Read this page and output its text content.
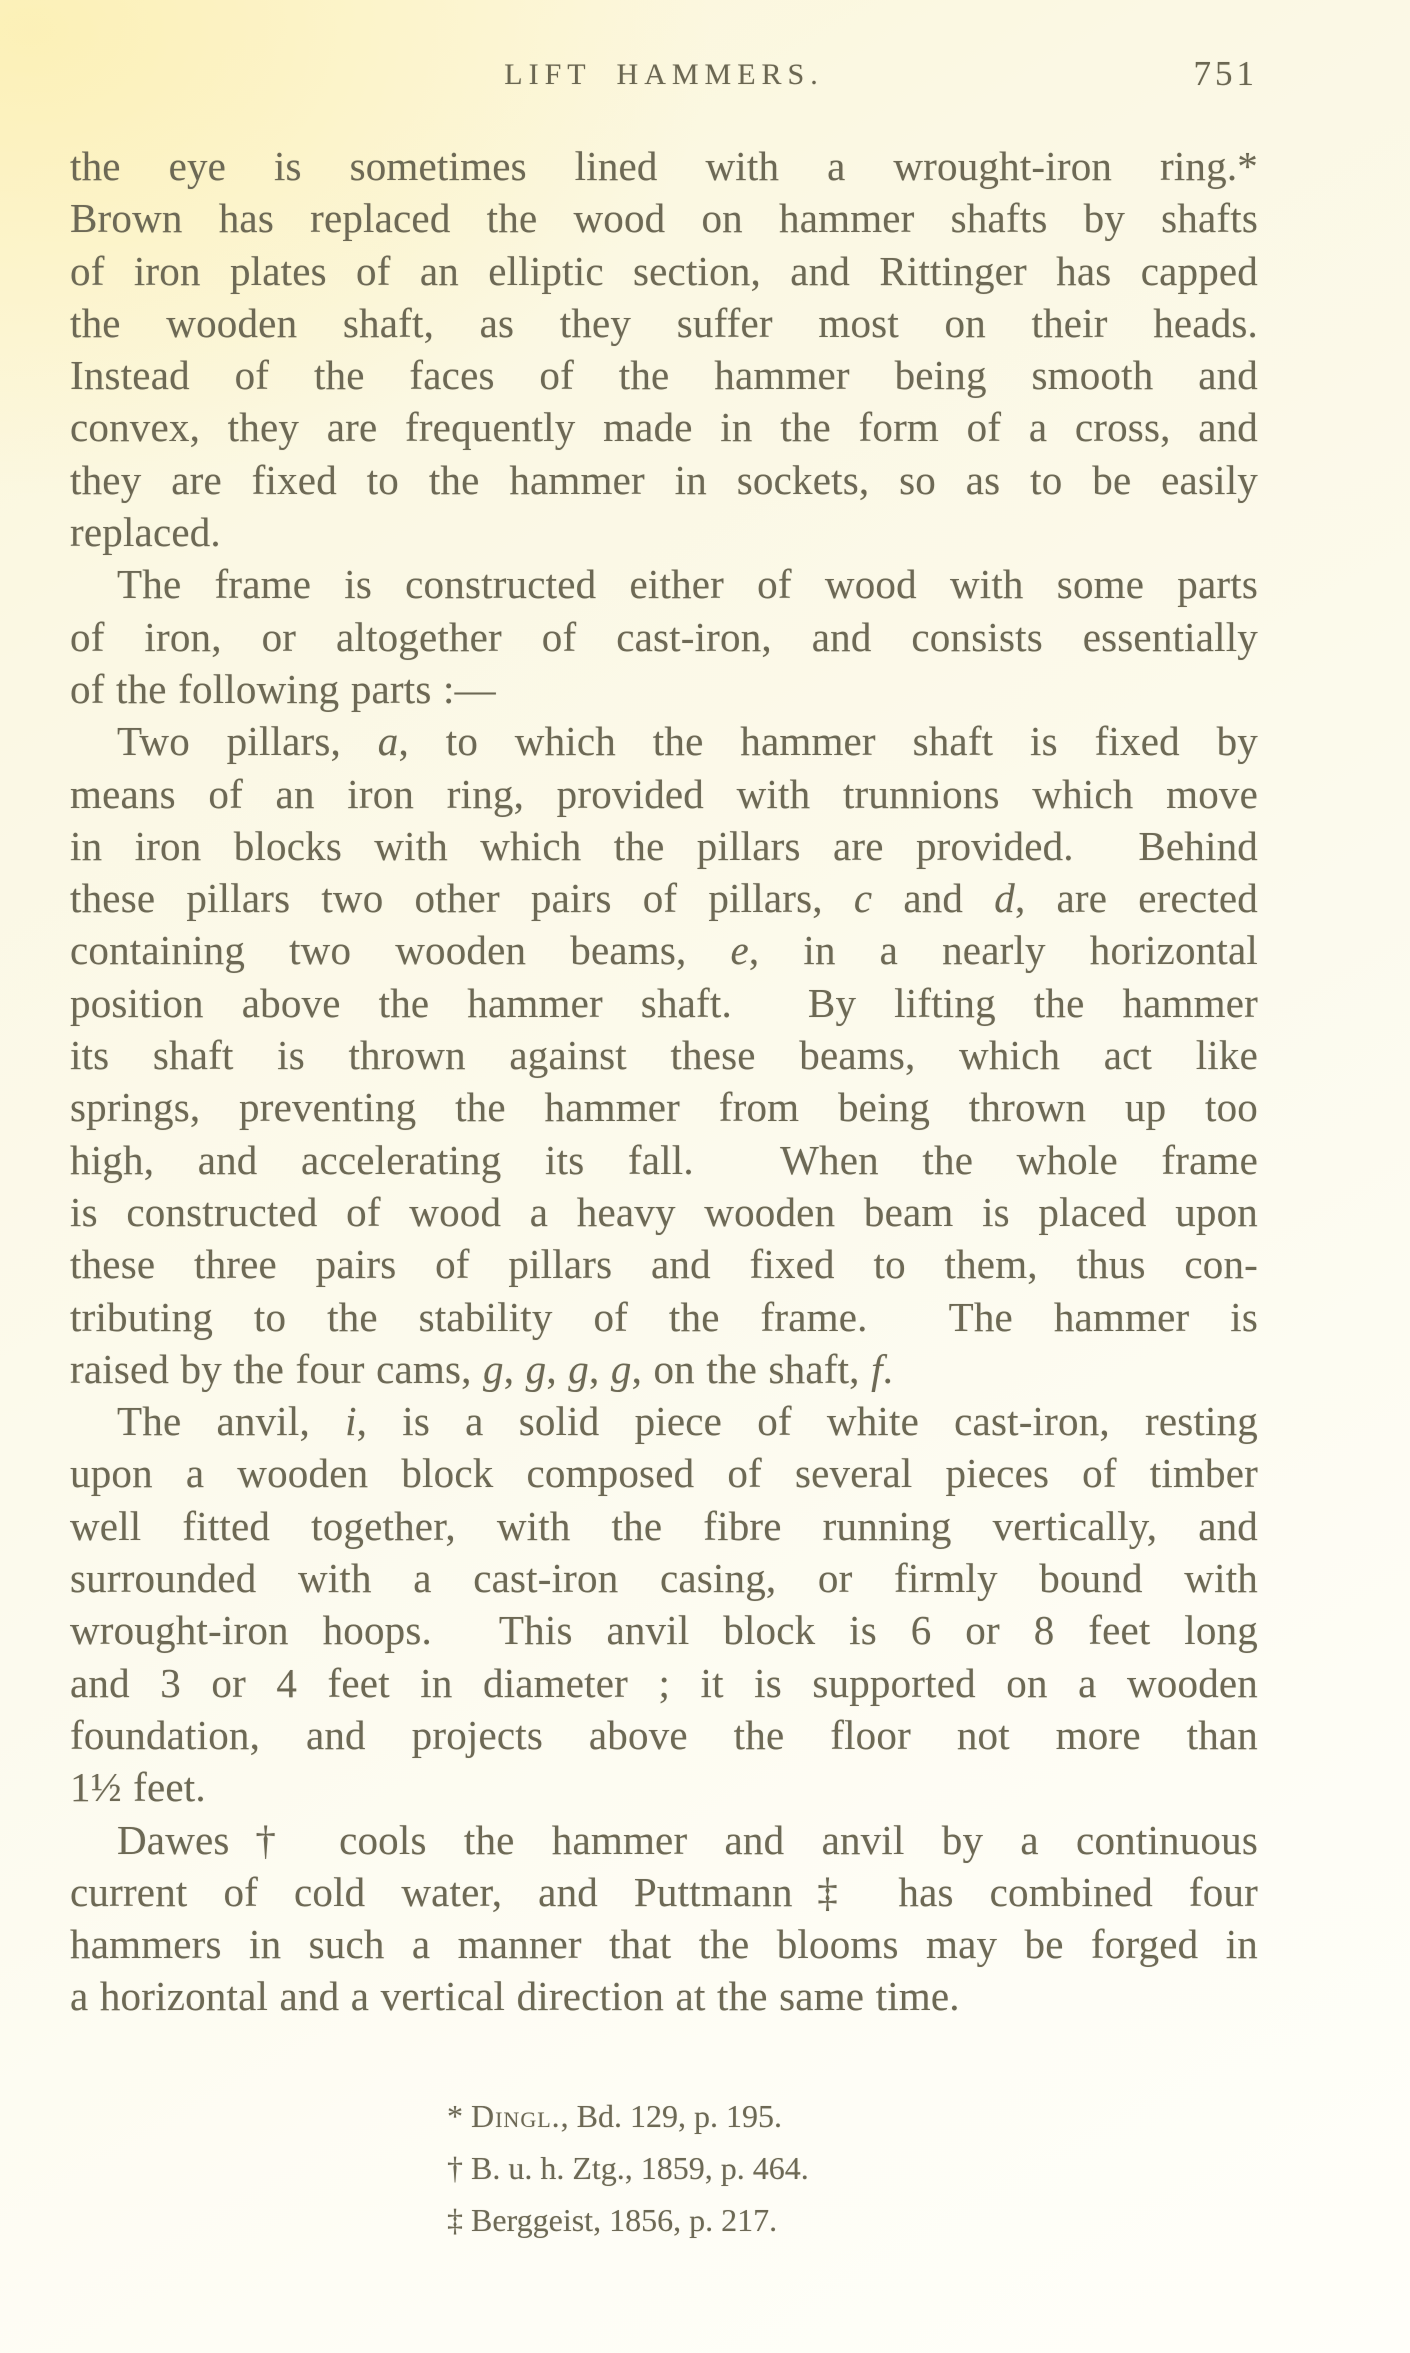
LIFT HAMMERS.	751
the eye is sometimes lined with a wrought-iron ring.*
Brown has replaced the wood on hammer shafts by shafts
of iron plates of an elliptic section, and Rittinger has capped
the wooden shaft, as they suffer most on their heads.
Instead of the faces of the hammer being smooth and
convex, they are frequently made in the form of a cross, and
they are fixed to the hammer in sockets, so as to be easily
replaced.
The frame is constructed either of wood with some parts
of iron, or altogether of cast-iron, and consists essentially
of the following parts :—
Two pillars, a, to which the hammer shaft is fixed by
means of an iron ring, provided with trunnions which move
in iron blocks with which the pillars are provided.  Behind
these pillars two other pairs of pillars, c and d, are erected
containing two wooden beams, e, in a nearly horizontal
position above the hammer shaft.  By lifting the hammer
its shaft is thrown against these beams, which act like
springs, preventing the hammer from being thrown up too
high, and accelerating its fall.  When the whole frame
is constructed of wood a heavy wooden beam is placed upon
these three pairs of pillars and fixed to them, thus con-
tributing to the stability of the frame.  The hammer is
raised by the four cams, g, g, g, g, on the shaft, f.
The anvil, i, is a solid piece of white cast-iron, resting
upon a wooden block composed of several pieces of timber
well fitted together, with the fibre running vertically, and
surrounded with a cast-iron casing, or firmly bound with
wrought-iron hoops.  This anvil block is 6 or 8 feet long
and 3 or 4 feet in diameter ; it is supported on a wooden
foundation, and projects above the floor not more than
1½ feet.
Dawes† cools the hammer and anvil by a continuous
current of cold water, and Puttmann‡ has combined four
hammers in such a manner that the blooms may be forged in
a horizontal and a vertical direction at the same time.
* Dingl., Bd. 129, p. 195.
† B. u. h. Ztg., 1859, p. 464.
‡ Berggeist, 1856, p. 217.
